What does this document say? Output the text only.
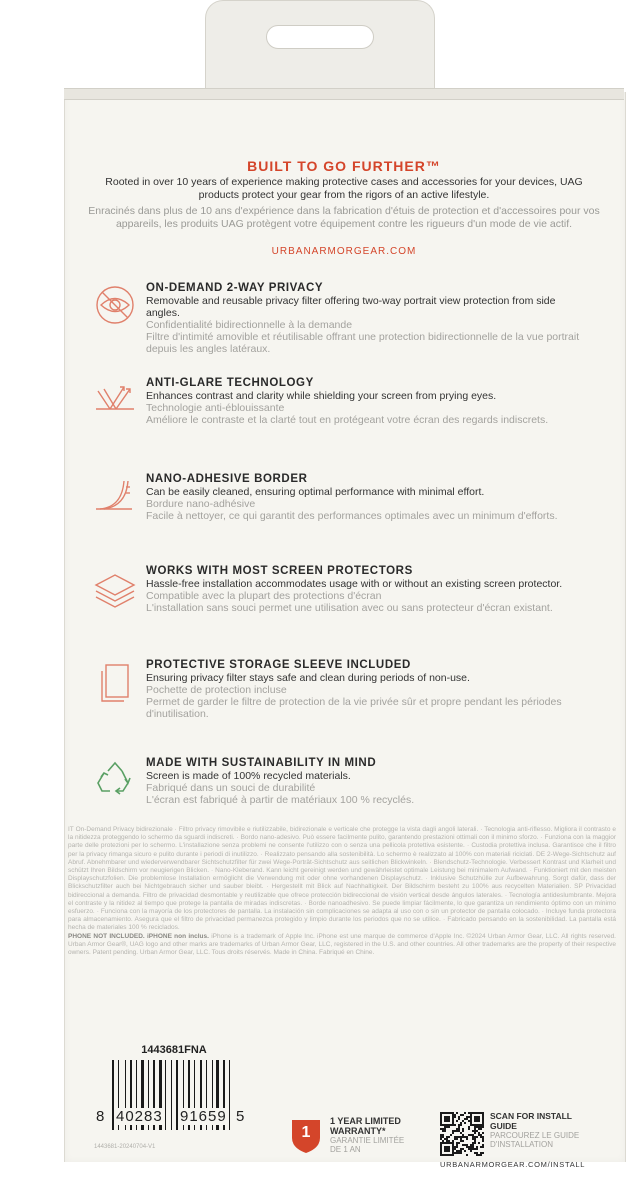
BUILT TO GO FURTHER™
Rooted in over 10 years of experience making protective cases and accessories for your devices, UAG products protect your gear from the rigors of an active lifestyle.
Enracinés dans plus de 10 ans d'expérience dans la fabrication d'étuis de protection et d'accessoires pour vos appareils, les produits UAG protègent votre équipement contre les rigueurs d'un mode de vie actif.
URBANARMORGEAR.COM
ON-DEMAND 2-WAY PRIVACY
Removable and reusable privacy filter offering two-way portrait view protection from side angles.
Confidentialité bidirectionnelle à la demande
Filtre d'intimité amovible et réutilisable offrant une protection bidirectionnelle de la vue portrait depuis les angles latéraux.
ANTI-GLARE TECHNOLOGY
Enhances contrast and clarity while shielding your screen from prying eyes.
Technologie anti-éblouissante
Améliore le contraste et la clarté tout en protégeant votre écran des regards indiscrets.
NANO-ADHESIVE BORDER
Can be easily cleaned, ensuring optimal performance with minimal effort.
Bordure nano-adhésive
Facile à nettoyer, ce qui garantit des performances optimales avec un minimum d'efforts.
WORKS WITH MOST SCREEN PROTECTORS
Hassle-free installation accommodates usage with or without an existing screen protector.
Compatible avec la plupart des protections d'écran
L'installation sans souci permet une utilisation avec ou sans protecteur d'écran existant.
PROTECTIVE STORAGE SLEEVE INCLUDED
Ensuring privacy filter stays safe and clean during periods of non-use.
Pochette de protection incluse
Permet de garder le filtre de protection de la vie privée sûr et propre pendant les périodes d'inutilisation.
MADE WITH SUSTAINABILITY IN MIND
Screen is made of 100% recycled materials.
Fabriqué dans un souci de durabilité
L'écran est fabriqué à partir de matériaux 100 % recyclés.
IT On-Demand Privacy bidirezionale · Filtro privacy rimovibile e riutilizzabile, bidirezionale e verticale che protegge la vista dagli angoli laterali. · Tecnologia anti-riflesso. Migliora il contrasto e la nitidezza proteggendo lo schermo da sguardi indiscreti. · Bordo nano-adesivo. Può essere facilmente pulito, garantendo prestazioni ottimali con il minimo sforzo. · Funziona con la maggior parte delle protezioni per lo schermo. L'installazione senza problemi ne consente l'utilizzo con o senza una pellicola protettiva esistente. · Custodia protettiva inclusa. Garantisce che il filtro per la privacy rimanga sicuro e pulito durante i periodi di inutilizzo. · Realizzato pensando alla sostenibilità. Lo schermo è realizzato al 100% con materiali riciclati. DE 2-Wege-Sichtschutz auf Abruf. Abnehmbarer und wiederverwendbarer Sichtschutzfilter für zwei Wege-Porträt-Sichtschutz aus seitlichen Blickwinkeln. · Blendschutz-Technologie. Verbessert Kontrast und Klarheit und schützt Ihren Bildschirm vor neugierigen Blicken. · Nano-Kleberand. Kann leicht gereinigt werden und gewährleistet optimale Leistung bei minimalem Aufwand. · Funktioniert mit den meisten Displayschutzfolien. Die problemlose Installation ermöglicht die Verwendung mit oder ohne vorhandenen Displayschutz. · Inklusive Schutzhülle zur Aufbewahrung. Sorgt dafür, dass der Blickschutzfilter auch bei Nichtgebrauch sicher und sauber bleibt. · Hergestellt mit Blick auf Nachhaltigkeit. Der Bildschirm besteht zu 100% aus recycelten Materialien. SP Privacidad bidireccional a demanda. Filtro de privacidad desmontable y reutilizable que ofrece protección bidireccional de visión vertical desde ángulos laterales. · Tecnología antideslumbrante. Mejora el contraste y la nitidez al tiempo que protege la pantalla de miradas indiscretas. · Borde nanoadhesivo. Se puede limpiar fácilmente, lo que garantiza un rendimiento óptimo con un mínimo esfuerzo. · Funciona con la mayoría de los protectores de pantalla. La instalación sin complicaciones se adapta al uso con o sin un protector de pantalla colocado. · Incluye funda protectora para almacenamiento. Asegura que el filtro de privacidad permanezca protegido y limpio durante los periodos que no se utilice. · Fabricado pensando en la sostenibilidad. La pantalla está hecha de materiales 100 % reciclados.
PHONE NOT INCLUDED. iPHONE non inclus. iPhone is a trademark of Apple Inc. iPhone est une marque de commerce d'Apple Inc. ©2024 Urban Armor Gear, LLC. All rights reserved. Urban Armor Gear®, UAG logo and other marks are trademarks of Urban Armor Gear, LLC, registered in the U.S. and other countries. All other trademarks are the property of their respective owners. Patent pending. Urban Armor Gear, LLC. Tous droits réservés. Made in China. Fabriqué en Chine.
1443681FNA
8 40283 91659 5
1443681-20240704-V1
1
1 YEAR LIMITED WARRANTY*
GARANTIE LIMITÉE DE 1 AN
SCAN FOR INSTALL GUIDE
PARCOUREZ LE GUIDE D'INSTALLATION
URBANARMORGEAR.COM/INSTALL
